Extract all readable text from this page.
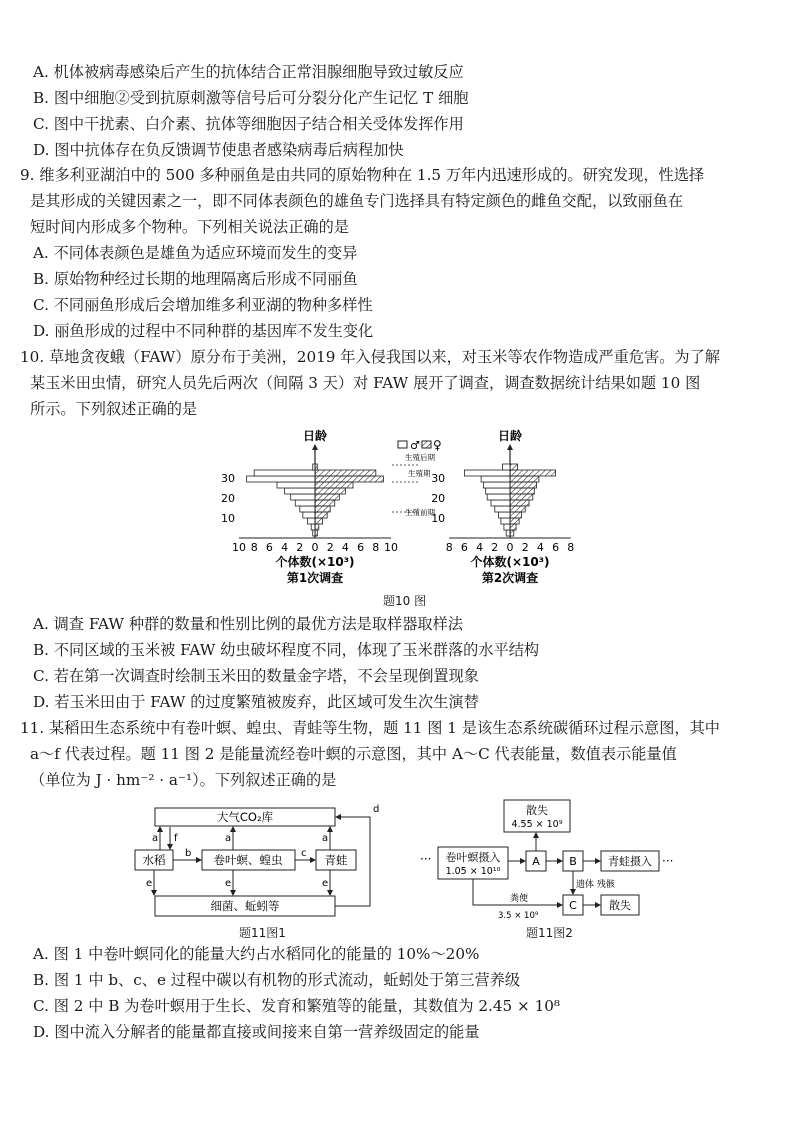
A. 机体被病毒感染后产生的抗体结合正常泪腺细胞导致过敏反应
B. 图中细胞②受到抗原刺激等信号后可分裂分化产生记忆 T 细胞
C. 图中干扰素、白介素、抗体等细胞因子结合相关受体发挥作用
D. 图中抗体存在负反馈调节使患者感染病毒后病程加快
9. 维多利亚湖泊中的 500 多种丽鱼是由共同的原始物种在 1.5 万年内迅速形成的。研究发现，性选择
是其形成的关键因素之一，即不同体表颜色的雄鱼专门选择具有特定颜色的雌鱼交配，以致丽鱼在
短时间内形成多个物种。下列相关说法正确的是
A. 不同体表颜色是雄鱼为适应环境而发生的变异
B. 原始物种经过长期的地理隔离后形成不同丽鱼
C. 不同丽鱼形成后会增加维多利亚湖的物种多样性
D. 丽鱼形成的过程中不同种群的基因库不发生变化
10. 草地贪夜蛾（FAW）原分布于美洲，2019 年入侵我国以来，对玉米等农作物造成严重危害。为了解
某玉米田虫情，研究人员先后两次（间隔 3 天）对 FAW 展开了调查，调查数据统计结果如题 10 图
所示。下列叙述正确的是
日龄
10 8 6 4 2 0 2 4 6 8 10
10
20
30
个体数(×10³)
第1次调查
日龄
8 6 4 2 0 2 4 6 8
10
20
30
个体数(×10³)
第2次调查
♂ ♀
生殖后期
生殖期
生殖前期
题10 图
A. 调查 FAW 种群的数量和性别比例的最优方法是取样器取样法
B. 不同区域的玉米被 FAW 幼虫破坏程度不同，体现了玉米群落的水平结构
C. 若在第一次调查时绘制玉米田的数量金字塔，不会呈现倒置现象
D. 若玉米田由于 FAW 的过度繁殖被废弃，此区域可发生次生演替
11. 某稻田生态系统中有卷叶螟、蝗虫、青蛙等生物，题 11 图 1 是该生态系统碳循环过程示意图，其中
a～f 代表过程。题 11 图 2 是能量流经卷叶螟的示意图，其中 A～C 代表能量，数值表示能量值
（单位为 J · hm⁻² · a⁻¹）。下列叙述正确的是
大气CO₂库
水稻	卷叶螟、蝗虫	青蛙
细菌、蚯蚓等
a f
b	c
a	a
d
e	e	e
题11图1
散失
4.55 × 10⁹
··· 卷叶螟摄入
1.05 × 10¹⁰
A	B	青蛙摄入 ···
C	散失
遗体 残骸
粪便
3.5 × 10⁹
题11图2
A. 图 1 中卷叶螟同化的能量大约占水稻同化的能量的 10%～20%
B. 图 1 中 b、c、e 过程中碳以有机物的形式流动，蚯蚓处于第三营养级
C. 图 2 中 B 为卷叶螟用于生长、发育和繁殖等的能量，其数值为 2.45 × 10⁸
D. 图中流入分解者的能量都直接或间接来自第一营养级固定的能量
